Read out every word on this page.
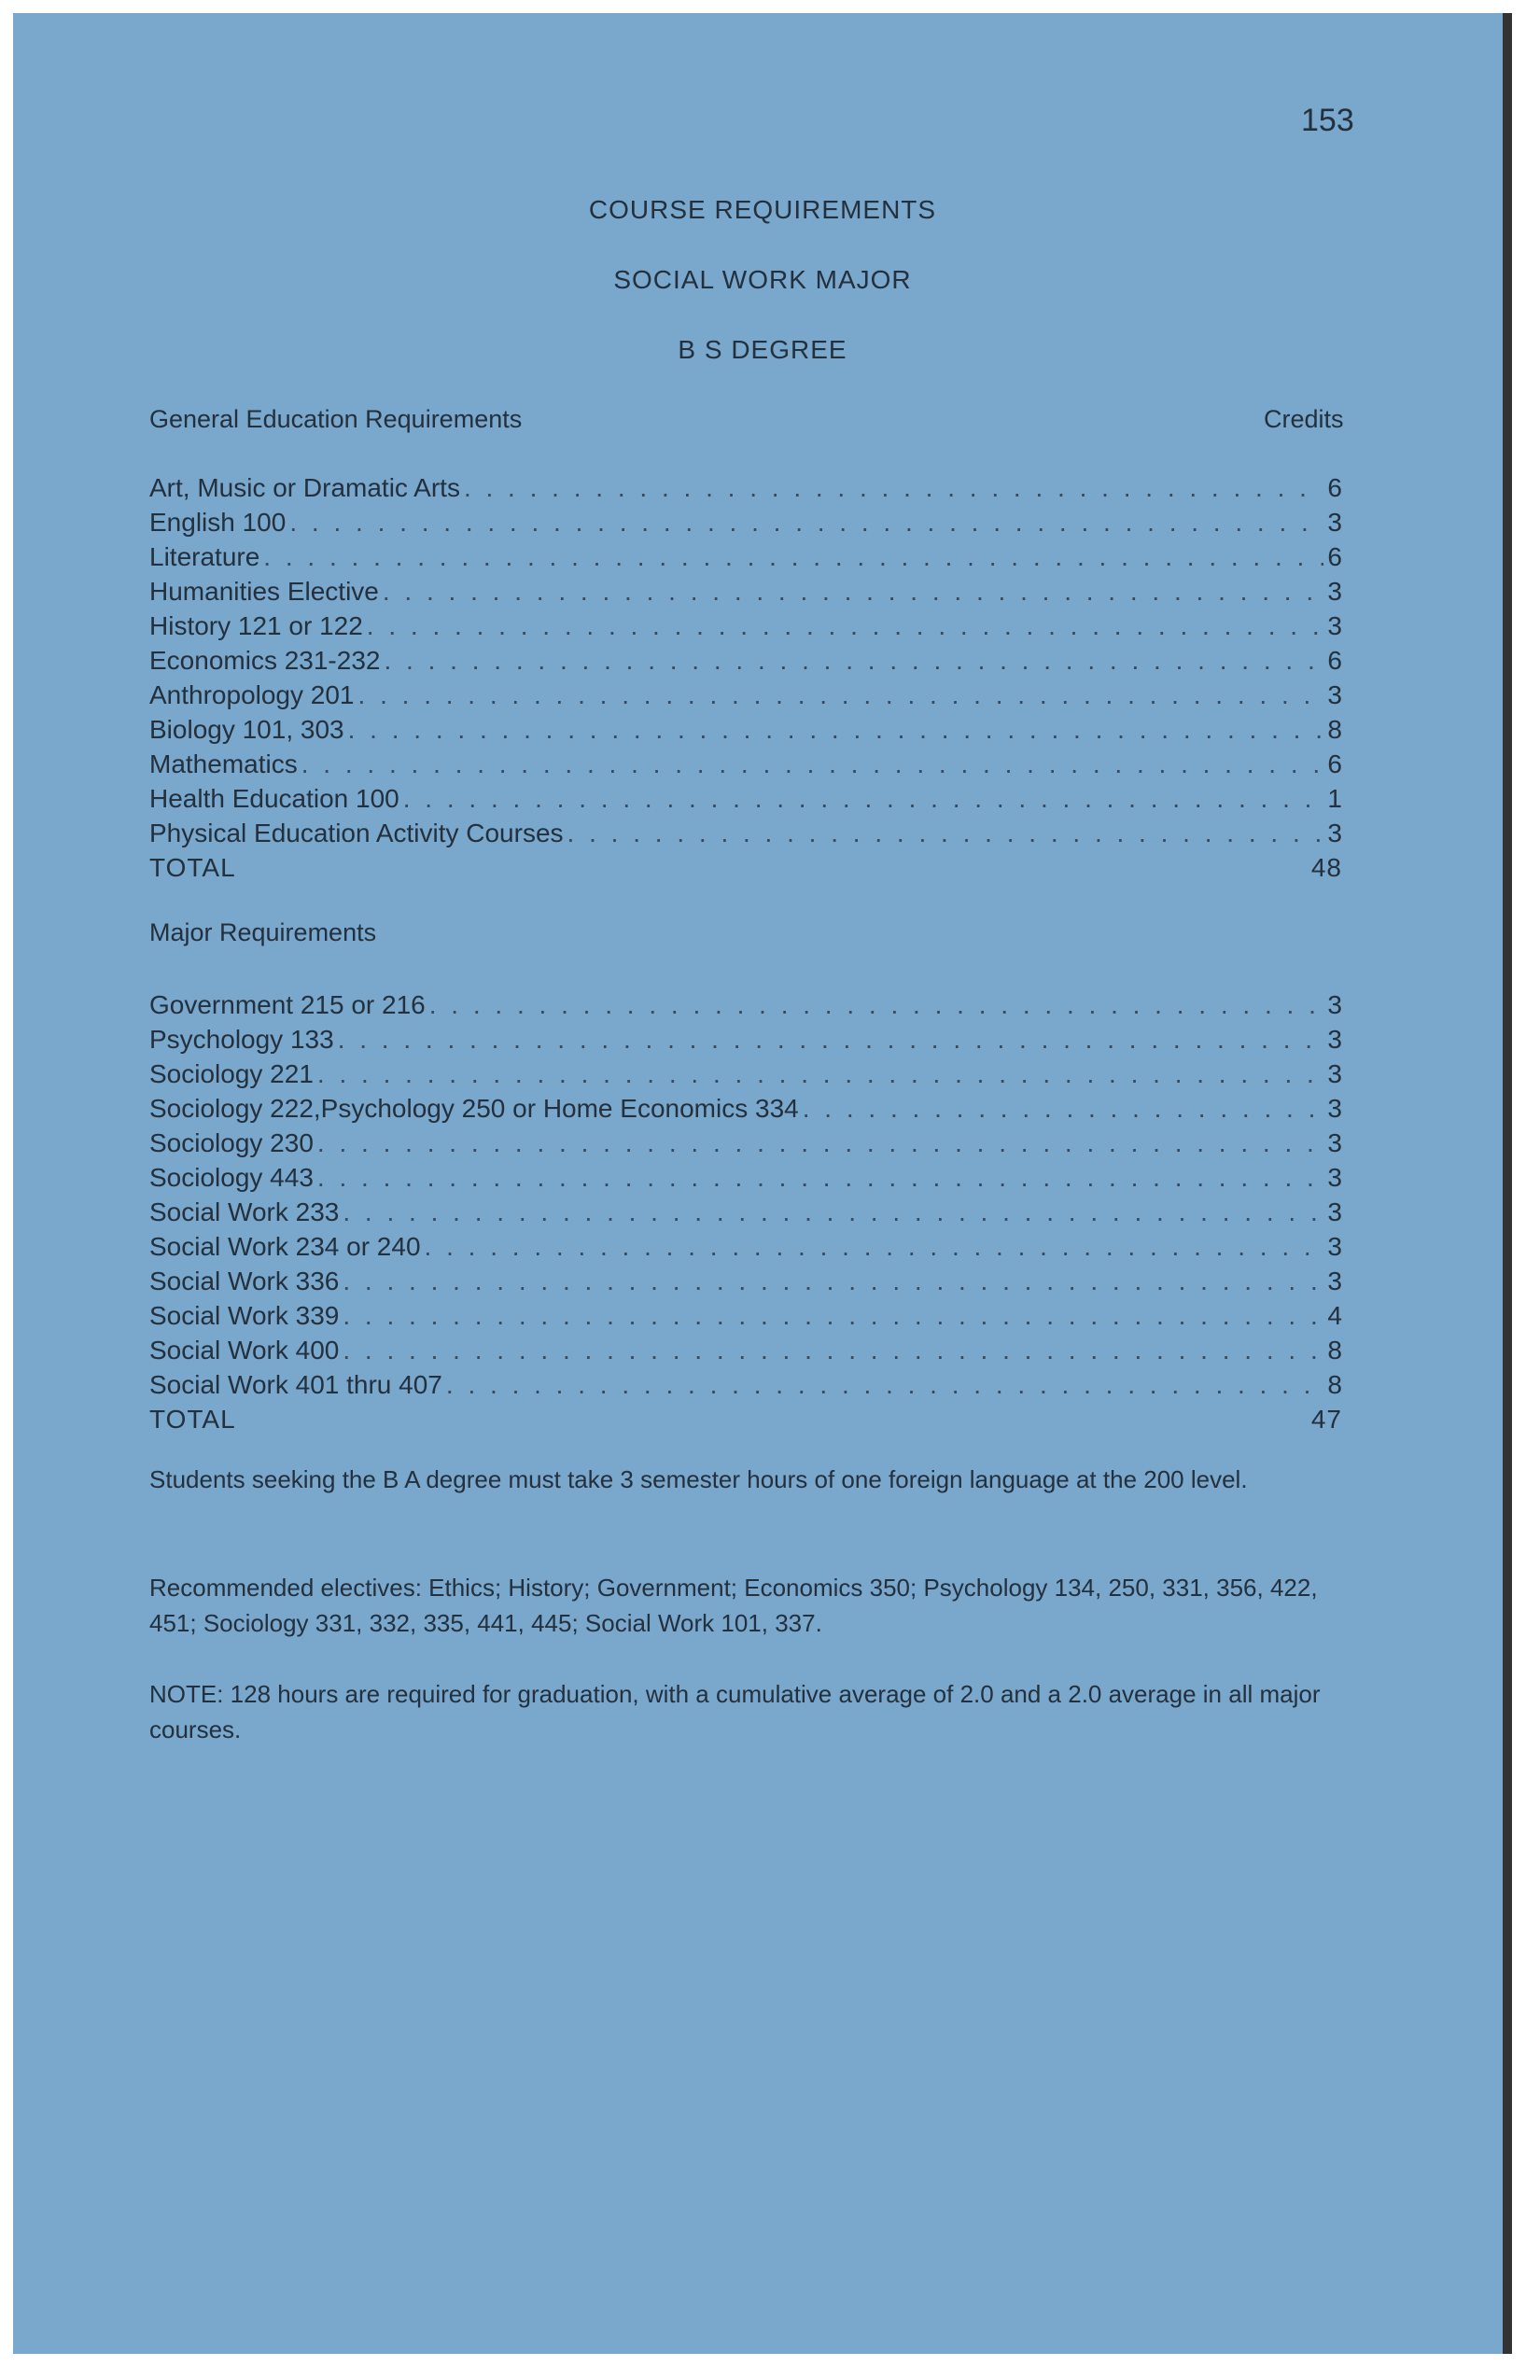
153
COURSE REQUIREMENTS
SOCIAL WORK MAJOR
B S DEGREE
General Education Requirements	Credits
Art, Music or Dramatic Arts . . .	6
English 100 . . .	3
Literature . . .	6
Humanities Elective . . .	3
History 121 or 122 . . .	3
Economics 231-232 . . .	6
Anthropology 201 . . .	3
Biology 101, 303 . . .	8
Mathematics . . .	6
Health Education 100 . . .	1
Physical Education Activity Courses . . .	3
TOTAL	48
Major Requirements
Government 215 or 216 . . .	3
Psychology 133 . . .	3
Sociology 221 . . .	3
Sociology 222,Psychology 250 or Home Economics 334 . . .	3
Sociology 230 . . .	3
Sociology 443 . . .	3
Social Work 233 . . .	3
Social Work 234 or 240 . . .	3
Social Work 336 . . .	3
Social Work 339 . . .	4
Social Work 400 . . .	8
Social Work 401 thru 407 . . .	8
TOTAL	47
Students seeking the B A degree must take 3 semester hours of one foreign language at the 200 level.
Recommended electives: Ethics; History; Government; Economics 350; Psychology 134, 250, 331, 356, 422, 451; Sociology 331, 332, 335, 441, 445; Social Work 101, 337.
NOTE: 128 hours are required for graduation, with a cumulative average of 2.0 and a 2.0 average in all major courses.
